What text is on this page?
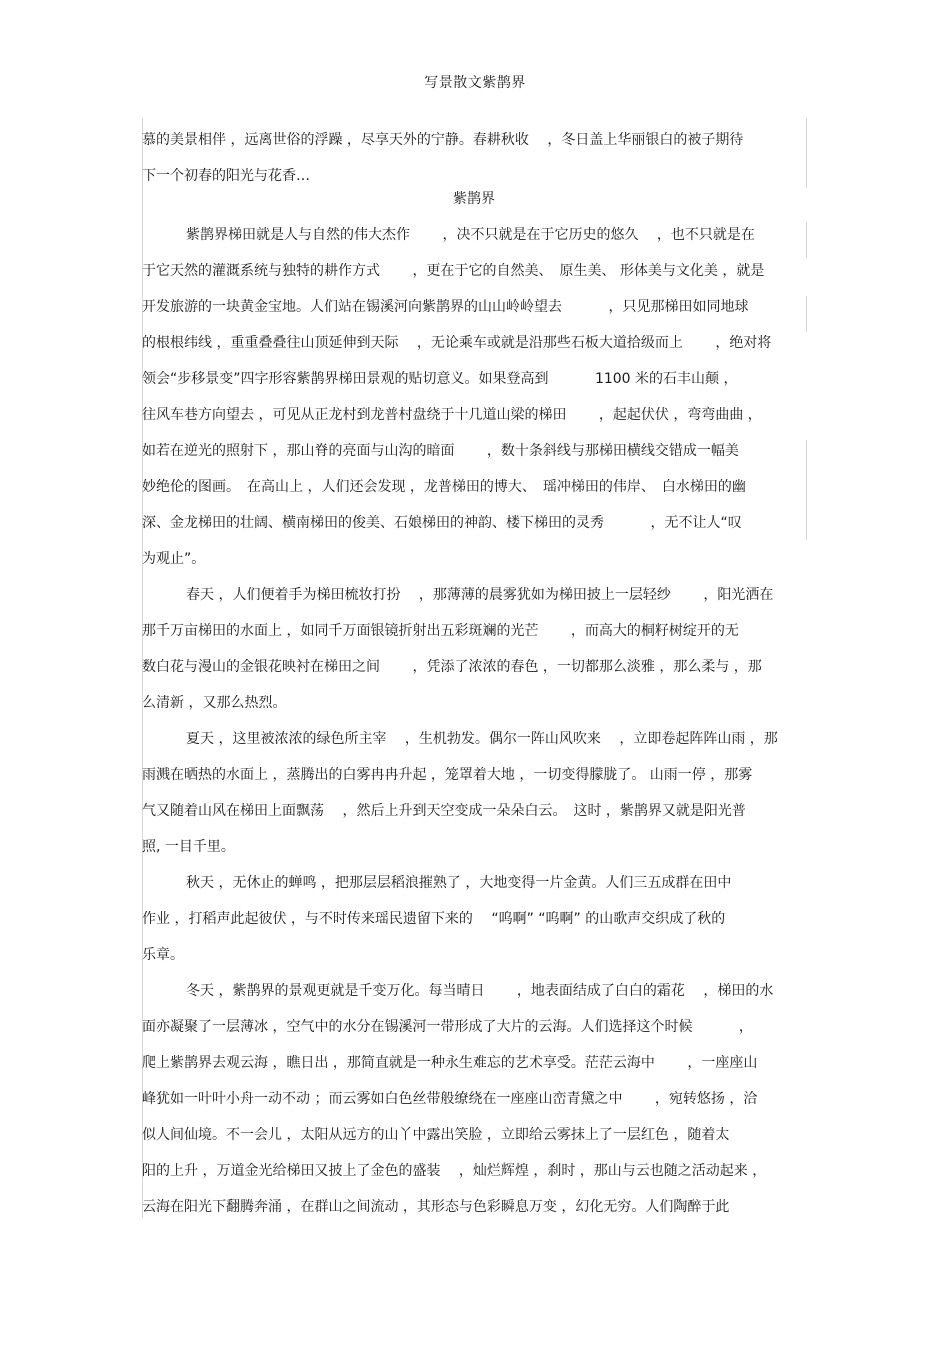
写景散文紫鹊界
慕的美景相伴 ，远离世俗的浮躁 ，尽享天外的宁静。春耕秋收　 ，冬日盖上华丽银白的被子期待
下一个初春的阳光与花香…
紫鹊界
紫鹊界梯田就是人与自然的伟大杰作　　 ，决不只就是在于它历史的悠久　 ，也不只就是在
于它天然的灌溉系统与独特的耕作方式　　 ，更在于它的自然美、　原生美、 形体美与文化美 ，就是
开发旅游的一块黄金宝地。人们站在锡溪河向紫鹊界的山山岭岭望去　　　 ，只见那梯田如同地球
的根根纬线 ，重重叠叠往山顶延伸到天际　 ，无论乘车或就是沿那些石板大道拾级而上　　 ，绝对将
领会“步移景变”四字形容紫鹊界梯田景观的贴切意义。如果登高到　　　 1100 米的石丰山颠 ，
往风车巷方向望去 ，可见从正龙村到龙普村盘绕于十几道山梁的梯田　　 ，起起伏伏 ，弯弯曲曲 ，
如若在逆光的照射下 ，那山脊的亮面与山沟的暗面　　 ，数十条斜线与那梯田横线交错成一幅美
妙绝伦的图画。　在高山上 ，人们还会发现 ，龙普梯田的博大、　瑶冲梯田的伟岸、　白水梯田的幽
深、金龙梯田的壮阔、横南梯田的俊美、石娘梯田的神韵、楼下梯田的灵秀　　　 ，无不让人“叹
为观止”。
春天 ，人们便着手为梯田梳妆打扮　 ，那薄薄的晨雾犹如为梯田披上一层轻纱　　 ，阳光洒在
那千万亩梯田的水面上 ，如同千万面银镜折射出五彩斑斓的光芒　　 ，而高大的桐籽树绽开的无
数白花与漫山的金银花映衬在梯田之间　　 ，凭添了浓浓的春色 ，一切都那么淡雅 ，那么柔与 ，那
么清新 ，又那么热烈。
夏天 ，这里被浓浓的绿色所主宰　 ，生机勃发。偶尔一阵山风吹来　 ，立即卷起阵阵山雨 ，那
雨溅在晒热的水面上 ，蒸腾出的白雾冉冉升起 ，笼罩着大地 ，一切变得朦胧了。 山雨一停 ，那雾
气又随着山风在梯田上面飘荡　 ，然后上升到天空变成一朵朵白云。　这时 ，紫鹊界又就是阳光普
照, 一目千里。
秋天 ，无休止的蝉鸣 ，把那层层稻浪摧熟了 ，大地变得一片金黄。人们三五成群在田中
作业 ，打稻声此起彼伏 ，与不时传来瑶民遗留下来的　 “呜啊” “呜啊” 的山歌声交织成了秋的
乐章。
冬天 ，紫鹊界的景观更就是千变万化。每当晴日　　 ，地表面结成了白白的霜花　 ，梯田的水
面亦凝聚了一层薄冰 ，空气中的水分在锡溪河一带形成了大片的云海。人们选择这个时候　　　 ，
爬上紫鹊界去观云海 ，瞧日出 ，那简直就是一种永生难忘的艺术享受。茫茫云海中　　 ，一座座山
峰犹如一叶叶小舟一动不动 ；而云雾如白色丝带般缭绕在一座座山峦青黛之中　　 ，宛转悠扬 ，洽
似人间仙境。不一会儿 ，太阳从远方的山丫中露出笑脸 ，立即给云雾抹上了一层红色 ，随着太
阳的上升 ，万道金光给梯田又披上了金色的盛装　 ，灿烂辉煌 ，刹时 ，那山与云也随之活动起来 ，
云海在阳光下翻腾奔涌 ，在群山之间流动 ，其形态与色彩瞬息万变 ，幻化无穷。人们陶醉于此
